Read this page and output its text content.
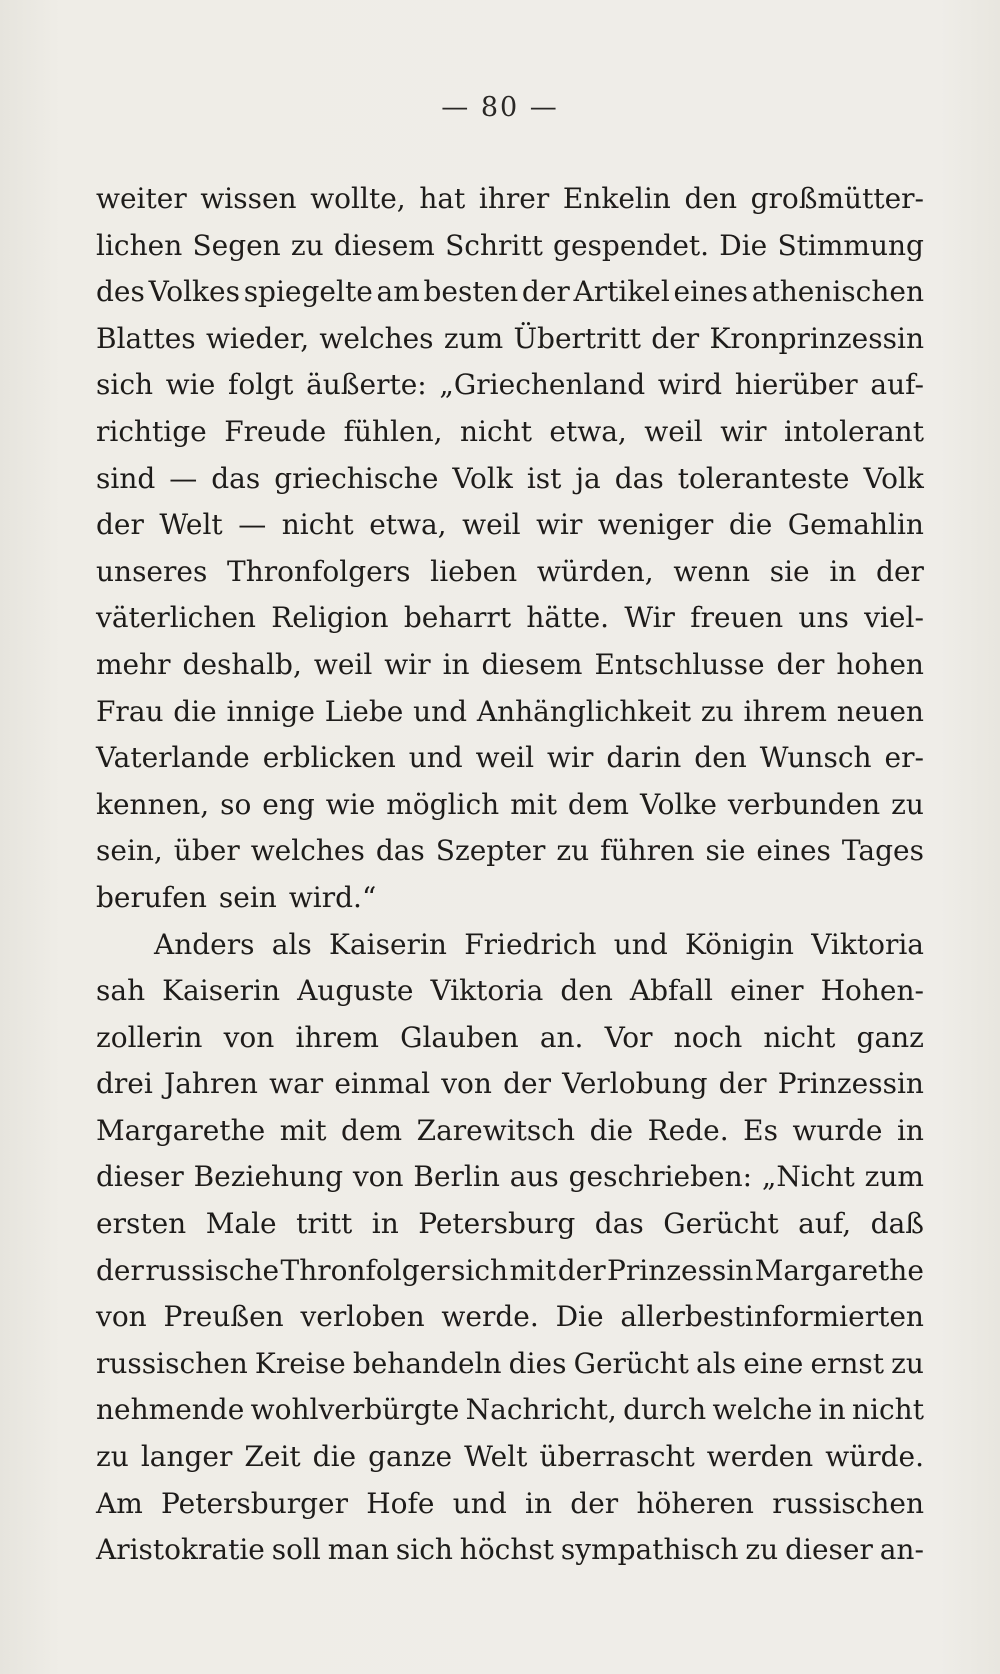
— 80 —
weiter wissen wollte, hat ihrer Enkelin den großmütter-
lichen Segen zu diesem Schritt gespendet. Die Stimmung
des Volkes spiegelte am besten der Artikel eines athenischen
Blattes wieder, welches zum Übertritt der Kronprinzessin
sich wie folgt äußerte: „Griechenland wird hierüber auf-
richtige Freude fühlen, nicht etwa, weil wir intolerant
sind — das griechische Volk ist ja das toleranteste Volk
der Welt — nicht etwa, weil wir weniger die Gemahlin
unseres Thronfolgers lieben würden, wenn sie in der
väterlichen Religion beharrt hätte. Wir freuen uns viel-
mehr deshalb, weil wir in diesem Entschlusse der hohen
Frau die innige Liebe und Anhänglichkeit zu ihrem neuen
Vaterlande erblicken und weil wir darin den Wunsch er-
kennen, so eng wie möglich mit dem Volke verbunden zu
sein, über welches das Szepter zu führen sie eines Tages
berufen sein wird.“
Anders als Kaiserin Friedrich und Königin Viktoria
sah Kaiserin Auguste Viktoria den Abfall einer Hohen-
zollerin von ihrem Glauben an. Vor noch nicht ganz
drei Jahren war einmal von der Verlobung der Prinzessin
Margarethe mit dem Zarewitsch die Rede. Es wurde in
dieser Beziehung von Berlin aus geschrieben: „Nicht zum
ersten Male tritt in Petersburg das Gerücht auf, daß
der russische Thronfolger sich mit der Prinzessin Margarethe
von Preußen verloben werde. Die allerbestinformierten
russischen Kreise behandeln dies Gerücht als eine ernst zu
nehmende wohlverbürgte Nachricht, durch welche in nicht
zu langer Zeit die ganze Welt überrascht werden würde.
Am Petersburger Hofe und in der höheren russischen
Aristokratie soll man sich höchst sympathisch zu dieser an-
